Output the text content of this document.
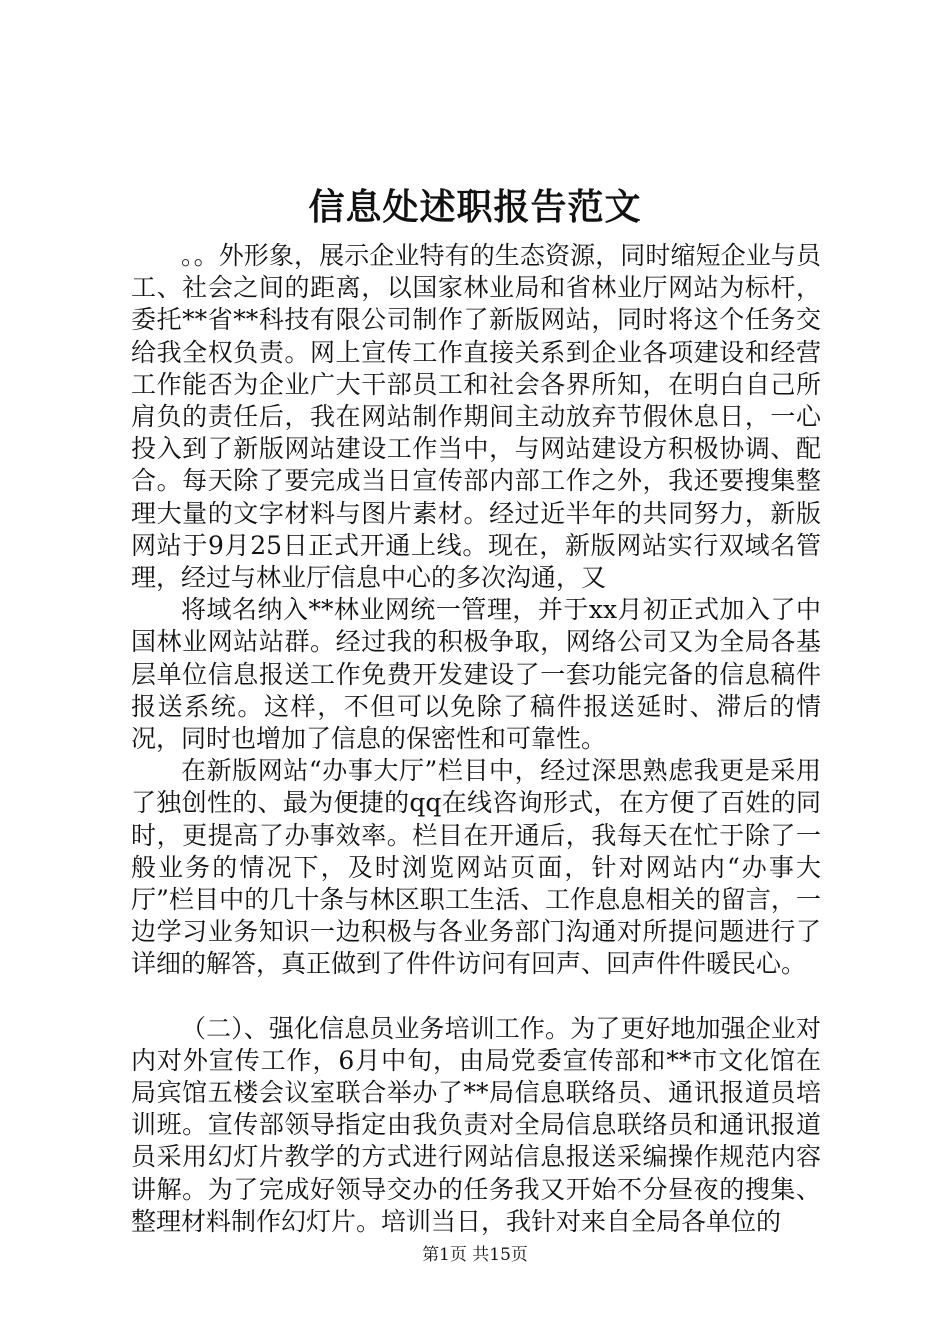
信息处述职报告范文

。。外形象，展示企业特有的生态资源，同时缩短企业与员工、社会之间的距离，以国家林业局和省林业厅网站为标杆，委托**省**科技有限公司制作了新版网站，同时将这个任务交给我全权负责。网上宣传工作直接关系到企业各项建设和经营工作能否为企业广大干部员工和社会各界所知，在明白自己所肩负的责任后，我在网站制作期间主动放弃节假休息日，一心投入到了新版网站建设工作当中，与网站建设方积极协调、配合。每天除了要完成当日宣传部内部工作之外，我还要搜集整理大量的文字材料与图片素材。经过近半年的共同努力，新版网站于9月25日正式开通上线。现在，新版网站实行双域名管理，经过与林业厅信息中心的多次沟通，又

将域名纳入**林业网统一管理，并于xx月初正式加入了中国林业网站站群。经过我的积极争取，网络公司又为全局各基层单位信息报送工作免费开发建设了一套功能完备的信息稿件报送系统。这样，不但可以免除了稿件报送延时、滞后的情况，同时也增加了信息的保密性和可靠性。

在新版网站“办事大厅”栏目中，经过深思熟虑我更是采用了独创性的、最为便捷的qq在线咨询形式，在方便了百姓的同时，更提高了办事效率。栏目在开通后，我每天在忙于除了一般业务的情况下，及时浏览网站页面，针对网站内“办事大厅”栏目中的几十条与林区职工生活、工作息息相关的留言，一边学习业务知识一边积极与各业务部门沟通对所提问题进行了详细的解答，真正做到了件件访问有回声、回声件件暖民心。

（二）、强化信息员业务培训工作。为了更好地加强企业对内对外宣传工作，6月中旬，由局党委宣传部和**市文化馆在局宾馆五楼会议室联合举办了**局信息联络员、通讯报道员培训班。宣传部领导指定由我负责对全局信息联络员和通讯报道员采用幻灯片教学的方式进行网站信息报送采编操作规范内容讲解。为了完成好领导交办的任务我又开始不分昼夜的搜集、整理材料制作幻灯片。培训当日，我针对来自全局各单位的

第1页 共15页
